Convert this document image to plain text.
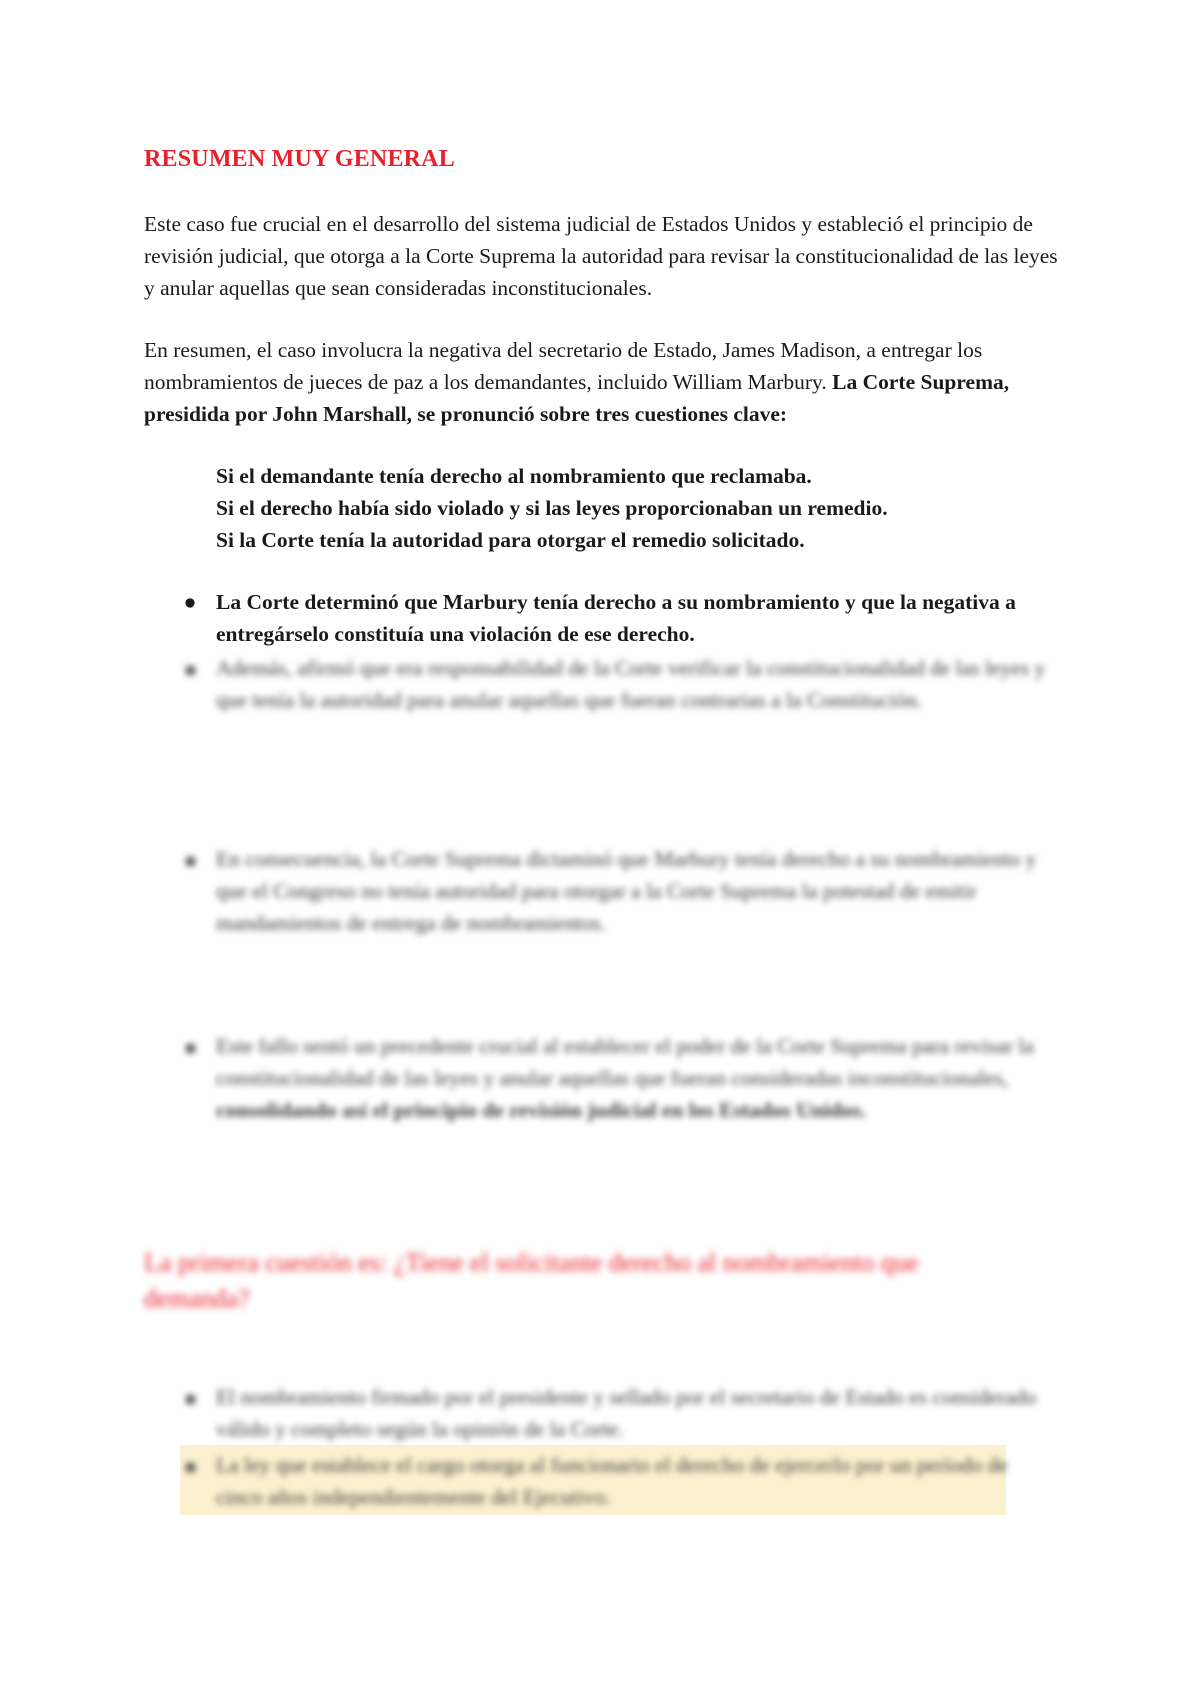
RESUMEN MUY GENERAL
Este caso fue crucial en el desarrollo del sistema judicial de Estados Unidos y estableció el principio de revisión judicial, que otorga a la Corte Suprema la autoridad para revisar la constitucionalidad de las leyes y anular aquellas que sean consideradas inconstitucionales.
En resumen, el caso involucra la negativa del secretario de Estado, James Madison, a entregar los nombramientos de jueces de paz a los demandantes, incluido William Marbury. La Corte Suprema, presidida por John Marshall, se pronunció sobre tres cuestiones clave:
Si el demandante tenía derecho al nombramiento que reclamaba.
Si el derecho había sido violado y si las leyes proporcionaban un remedio.
Si la Corte tenía la autoridad para otorgar el remedio solicitado.
● La Corte determinó que Marbury tenía derecho a su nombramiento y que la negativa a entregárselo constituía una violación de ese derecho.
Además, afirmó que era responsabilidad de la Corte verificar la constitucionalidad de las leyes y que tenía la autoridad para anular aquellas que fueran contrarias a la Constitución.
En consecuencia, la Corte Suprema dictaminó que Marbury tenía derecho a su nombramiento y que el Congreso no tenía autoridad para otorgar a la Corte Suprema la potestad de emitir mandamientos de entrega de nombramientos.
Este fallo sentó un precedente crucial al establecer el poder de la Corte Suprema para revisar la constitucionalidad de las leyes y anular aquellas que fueran consideradas inconstitucionales, consolidando así el principio de revisión judicial en los Estados Unidos.
La primera cuestión es: ¿Tiene el solicitante derecho al nombramiento que demanda?
El nombramiento firmado por el presidente y sellado por el secretario de Estado es considerado válido y completo según la opinión de la Corte.
La ley que establece el cargo otorga al funcionario el derecho de ejercerlo por un período de cinco años independientemente del Ejecutivo.
